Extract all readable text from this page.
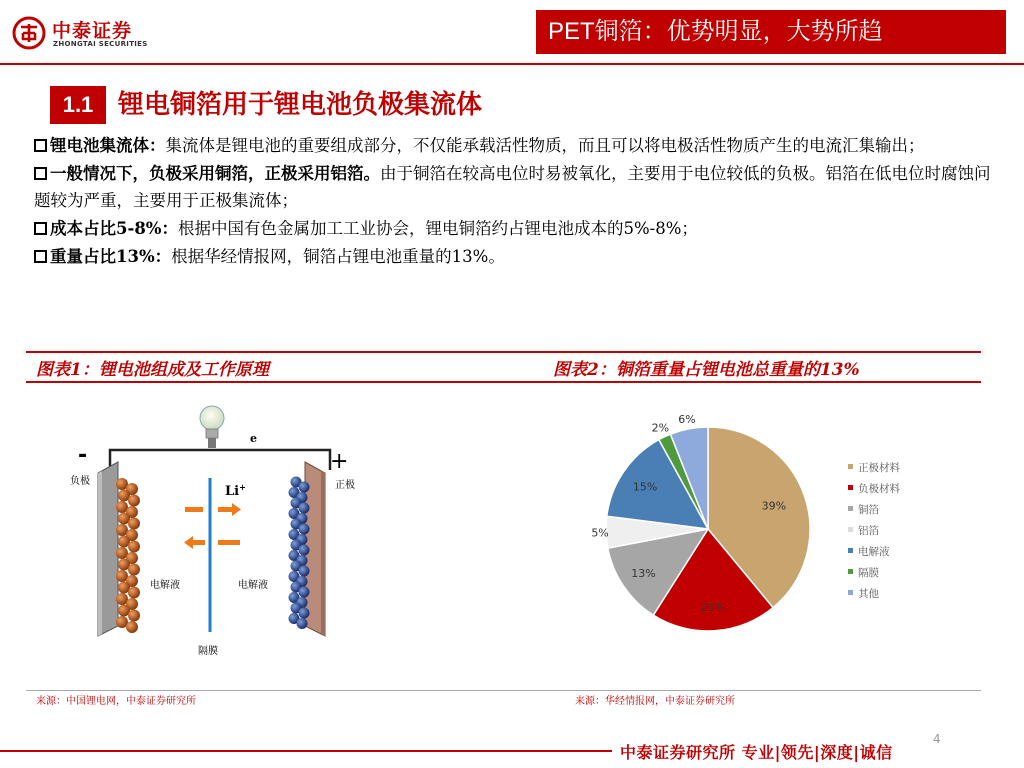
中泰证券
ZHONGTAI SECURITIES	PET铜箔：优势明显，大势所趋
1.1 锂电铜箔用于锂电池负极集流体
锂电池集流体：集流体是锂电池的重要组成部分，不仅能承载活性物质，而且可以将电极活性物质产生的电流汇集输出；
一般情况下，负极采用铜箔，正极采用铝箔。由于铜箔在较高电位时易被氧化，主要用于电位较低的负极。铝箔在低电位时腐蚀问题较为严重，主要用于正极集流体；
成本占比5-8%：根据中国有色金属加工工业协会，锂电铜箔约占锂电池成本的5%-8%；
重量占比13%：根据华经情报网，铜箔占锂电池重量的13%。
图表1：锂电池组成及工作原理	图表2：铜箔重量占锂电池总重量的13%
e
-	+
负极	正极
Li+
电解液	电解液
隔膜
39%
20%
13%
5%
15%
2%
6%
正极材料
负极材料
铜箔
铝箔
电解液
隔膜
其他
来源：中国锂电网，中泰证券研究所	来源：华经情报网，中泰证券研究所
4
中泰证券研究所 专业|领先|深度|诚信
